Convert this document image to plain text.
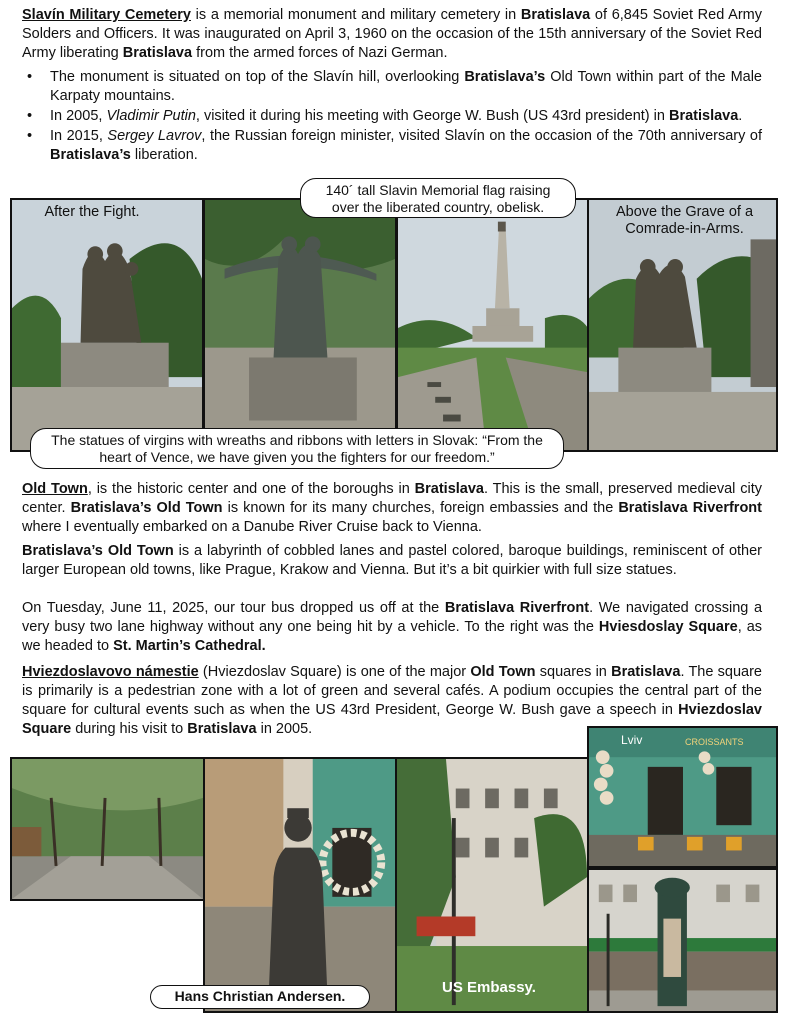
Slavín Military Cemetery is a memorial monument and military cemetery in Bratislava of 6,845 Soviet Red Army Solders and Officers. It was inaugurated on April 3, 1960 on the occasion of the 15th anniversary of the Soviet Red Army liberating Bratislava from the armed forces of Nazi German.

• The monument is situated on top of the Slavín hill, overlooking Bratislava’s Old Town within part of the Male Karpaty mountains.
• In 2005, Vladimir Putin, visited it during his meeting with George W. Bush (US 43rd president) in Bratislava.
• In 2015, Sergey Lavrov, the Russian foreign minister, visited Slavín on the occasion of the 70th anniversary of Bratislava’s liberation.
After the Fight.	Above the Grave of a Comrade-in-Arms.
140´ tall Slavin Memorial flag raising over the liberated country, obelisk.
The statues of virgins with wreaths and ribbons with letters in Slovak: “From the heart of Vence, we have given you the fighters for our freedom.”

Old Town, is the historic center and one of the boroughs in Bratislava. This is the small, preserved medieval city center. Bratislava’s Old Town is known for its many churches, foreign embassies and the Bratislava Riverfront where I eventually embarked on a Danube River Cruise back to Vienna.

Bratislava’s Old Town is a labyrinth of cobbled lanes and pastel colored, baroque buildings, reminiscent of other larger European old towns, like Prague, Krakow and Vienna. But it’s a bit quirkier with full size statues.

On Tuesday, June 11, 2025, our tour bus dropped us off at the Bratislava Riverfront. We navigated crossing a very busy two lane highway without any one being hit by a vehicle. To the right was the Hviesdoslay Square, as we headed to St. Martin’s Cathedral.

Hviezdoslavovo námestie (Hviezdoslav Square) is one of the major Old Town squares in Bratislava. The square is primarily is a pedestrian zone with a lot of green and several cafés. A podium occupies the central part of the square for cultural events such as when the US 43rd President, George W. Bush gave a speech in Hviezdoslav Square during his visit to Bratislava in 2005.

Hans Christian Andersen.	US Embassy.
Lviv	CROISSANTS
